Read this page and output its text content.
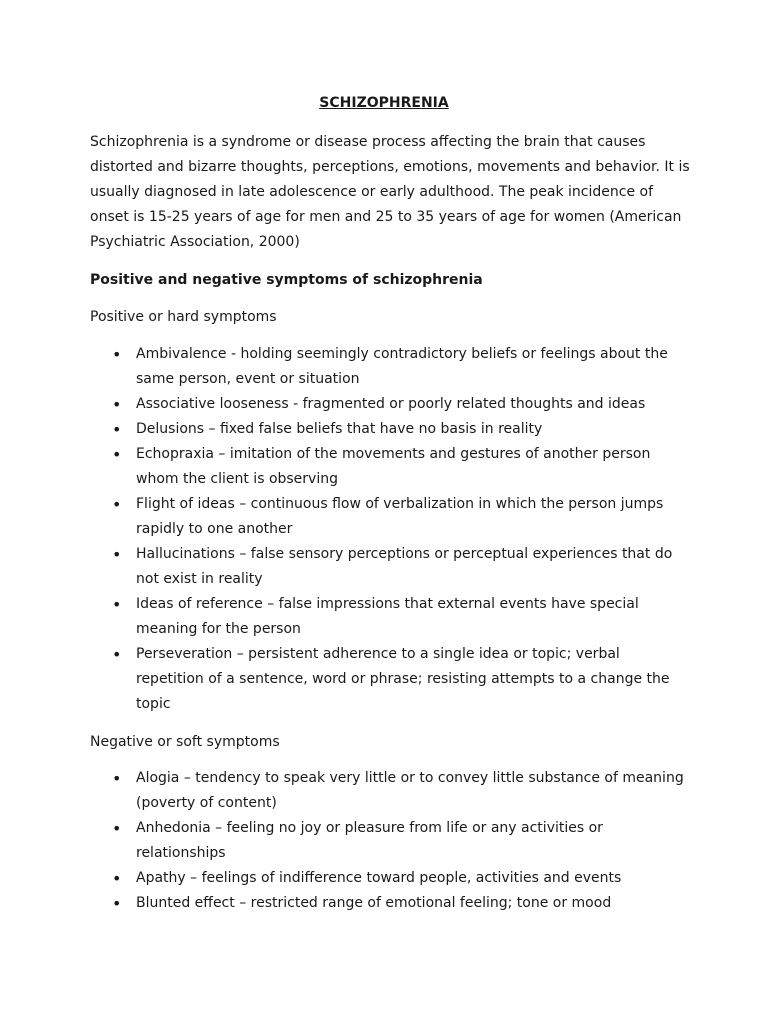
SCHIZOPHRENIA

Schizophrenia is a syndrome or disease process affecting the brain that causes distorted and bizarre thoughts, perceptions, emotions, movements and behavior. It is usually diagnosed in late adolescence or early adulthood. The peak incidence of onset is 15-25 years of age for men and 25 to 35 years of age for women (American Psychiatric Association, 2000)

Positive and negative symptoms of schizophrenia

Positive or hard symptoms

• Ambivalence - holding seemingly contradictory beliefs or feelings about the same person, event or situation
• Associative looseness - fragmented or poorly related thoughts and ideas
• Delusions – fixed false beliefs that have no basis in reality
• Echopraxia – imitation of the movements and gestures of another person whom the client is observing
• Flight of ideas – continuous flow of verbalization in which the person jumps rapidly to one another
• Hallucinations – false sensory perceptions or perceptual experiences that do not exist in reality
• Ideas of reference – false impressions that external events have special meaning for the person
• Perseveration – persistent adherence to a single idea or topic; verbal repetition of a sentence, word or phrase; resisting attempts to a change the topic

Negative or soft symptoms

• Alogia – tendency to speak very little or to convey little substance of meaning (poverty of content)
• Anhedonia – feeling no joy or pleasure from life or any activities or relationships
• Apathy – feelings of indifference toward people, activities and events
• Blunted effect – restricted range of emotional feeling; tone or mood
